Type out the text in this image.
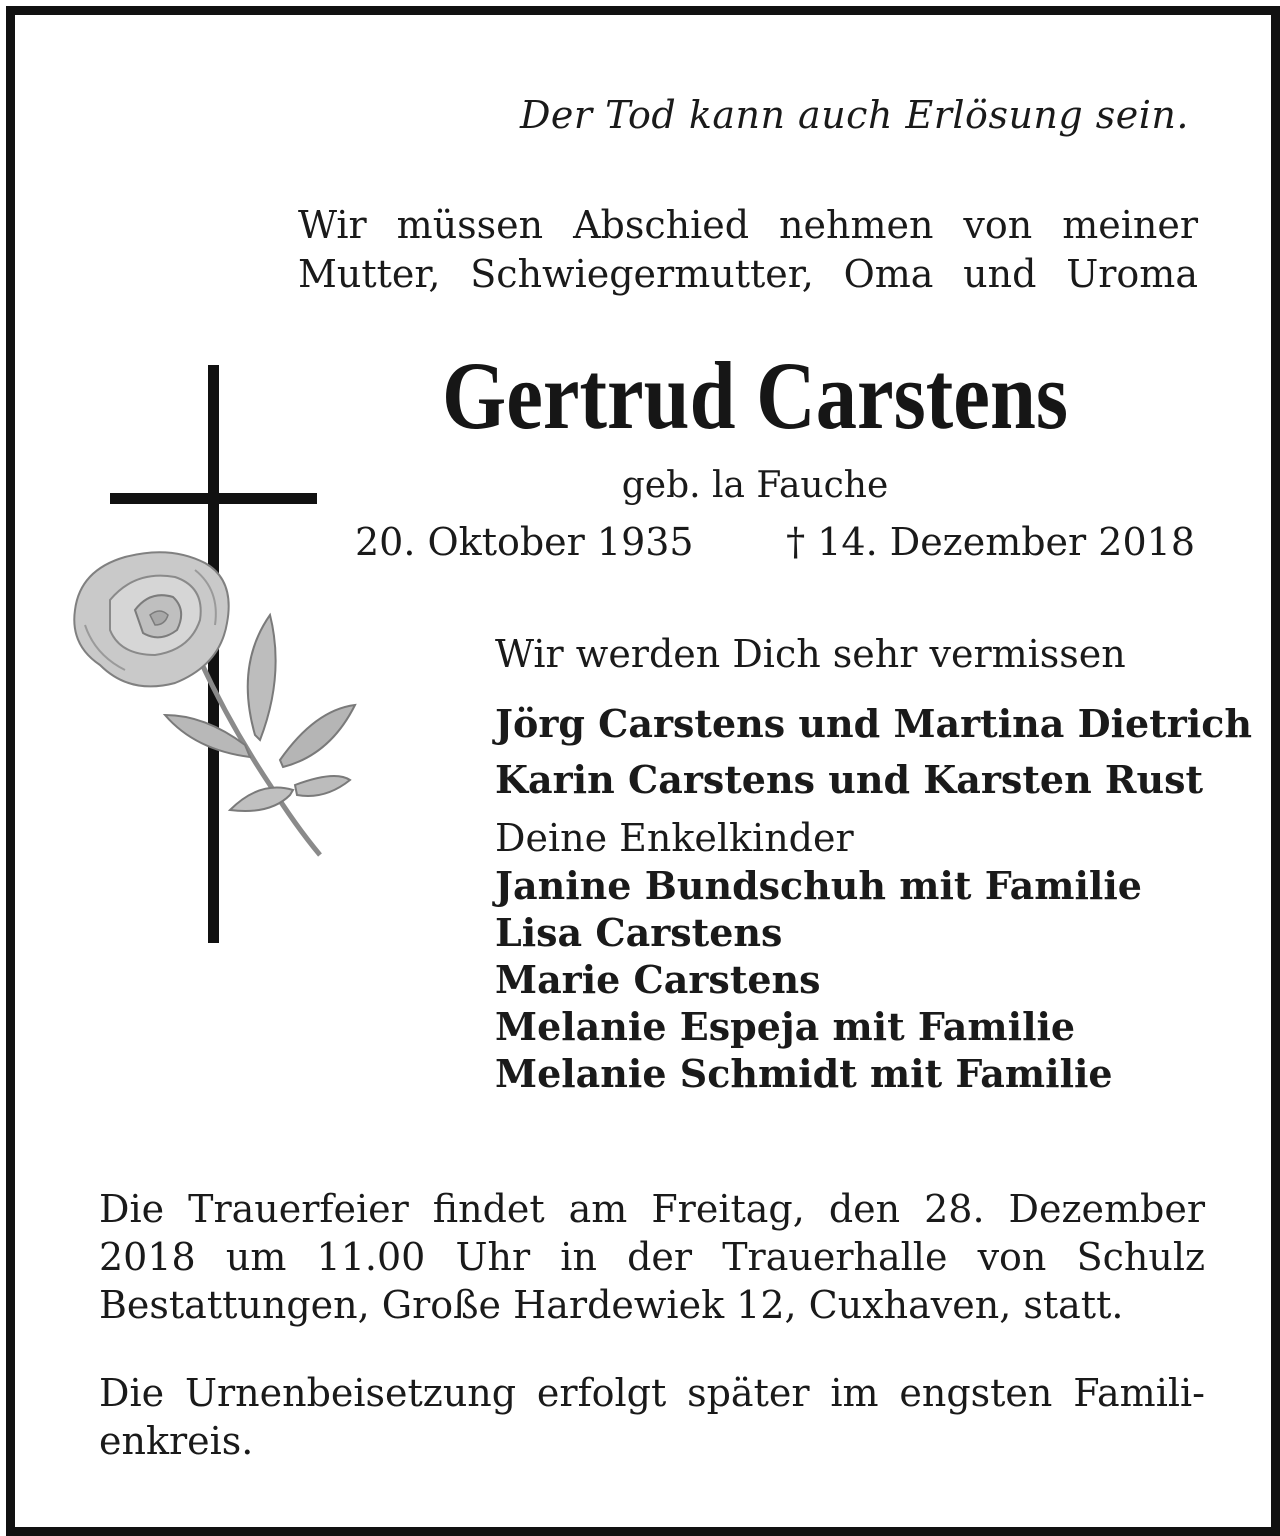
Der Tod kann auch Erlösung sein.
Wir müssen Abschied nehmen von meiner
Mutter, Schwiegermutter, Oma und Uroma
Gertrud Carstens
geb. la Fauche
20. Oktober 1935 † 14. Dezember 2018
Wir werden Dich sehr vermissen
Jörg Carstens und Martina Dietrich
Karin Carstens und Karsten Rust
Deine Enkelkinder
Janine Bundschuh mit Familie
Lisa Carstens
Marie Carstens
Melanie Espeja mit Familie
Melanie Schmidt mit Familie
Die Trauerfeier findet am Freitag, den 28. Dezember
2018 um 11.00 Uhr in der Trauerhalle von Schulz
Bestattungen, Große Hardewiek 12, Cuxhaven, statt.
Die Urnenbeisetzung erfolgt später im engsten Famili-
enkreis.
